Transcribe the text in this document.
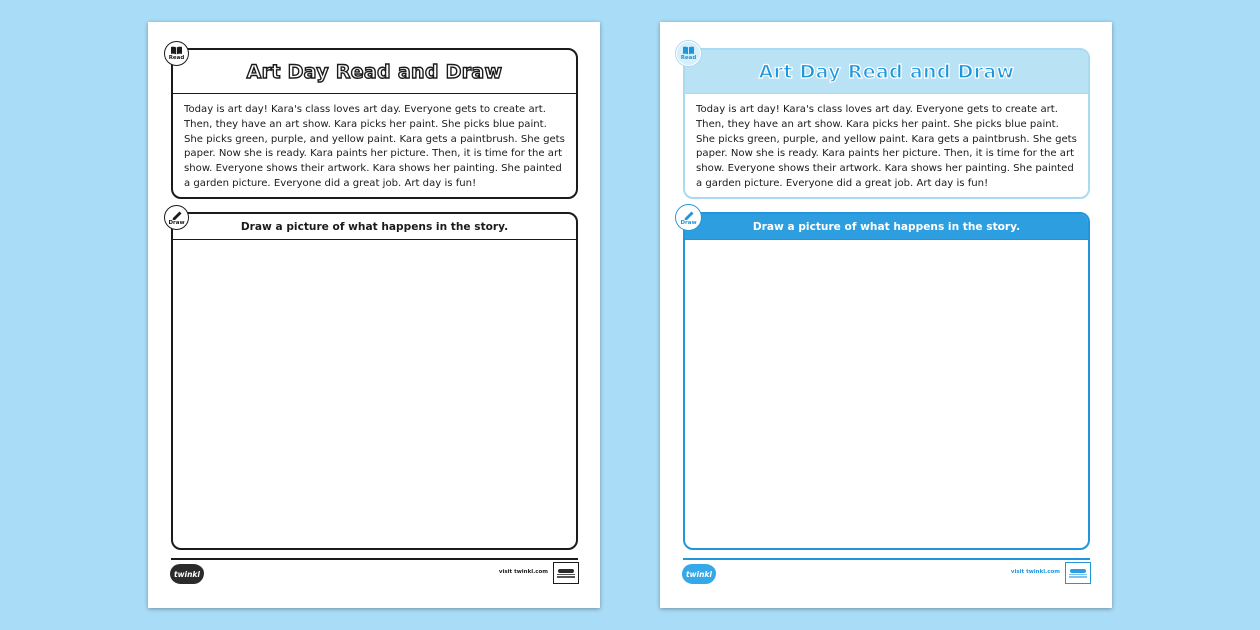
Read
Art Day Read and Draw
Today is art day! Kara's class loves art day. Everyone gets to create art. Then, they have an art show. Kara picks her paint. She picks blue paint. She picks green, purple, and yellow paint. Kara gets a paintbrush. She gets paper. Now she is ready. Kara paints her picture. Then, it is time for the art show. Everyone shows their artwork. Kara shows her painting. She painted a garden picture. Everyone did a great job. Art day is fun!
Draw	Draw a picture of what happens in the story.
twinkl	visit twinkl.com
Read
Art Day Read and Draw
Today is art day! Kara's class loves art day. Everyone gets to create art. Then, they have an art show. Kara picks her paint. She picks blue paint. She picks green, purple, and yellow paint. Kara gets a paintbrush. She gets paper. Now she is ready. Kara paints her picture. Then, it is time for the art show. Everyone shows their artwork. Kara shows her painting. She painted a garden picture. Everyone did a great job. Art day is fun!
Draw	Draw a picture of what happens in the story.
twinkl	visit twinkl.com
